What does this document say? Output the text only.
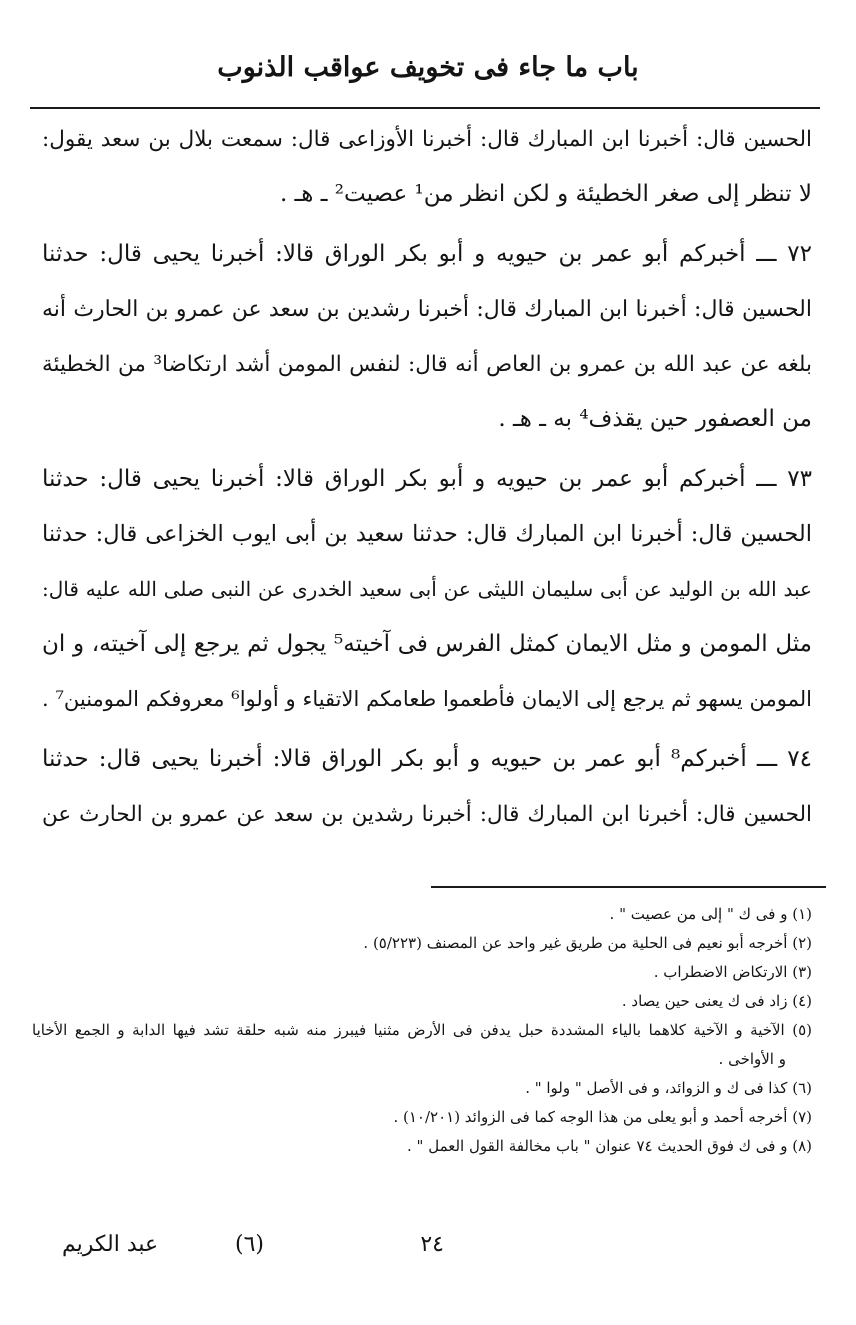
باب ما جاء فى تخويف عواقب الذنوب
الحسين قال: أخبرنا ابن المبارك قال: أخبرنا الأوزاعى قال: سمعت بلال بن سعد يقول:
لا تنظر إلى صغر الخطيئة و لكن انظر من¹ عصيت² ـ هـ .
٧٢ ـــ أخبركم أبو عمر بن حيويه و أبو بكر الوراق قالا: أخبرنا يحيى قال: حدثنا
الحسين قال: أخبرنا ابن المبارك قال: أخبرنا رشدين بن سعد عن عمرو بن الحارث أنه
بلغه عن عبد الله بن عمرو بن العاص أنه قال: لنفس المومن أشد ارتكاضا³ من الخطيئة
من العصفور حين يقذف⁴ به ـ هـ .
٧٣ ـــ أخبركم أبو عمر بن حيويه و أبو بكر الوراق قالا: أخبرنا يحيى قال: حدثنا
الحسين قال: أخبرنا ابن المبارك قال: حدثنا سعيد بن أبى ايوب الخزاعى قال: حدثنا
عبد الله بن الوليد عن أبى سليمان الليثى عن أبى سعيد الخدرى عن النبى صلى الله عليه قال:
مثل المومن و مثل الايمان كمثل الفرس فى آخيته⁵ يجول ثم يرجع إلى آخيته، و ان
المومن يسهو ثم يرجع إلى الايمان فأطعموا طعامكم الاتقياء و أولوا⁶ معروفكم المومنين⁷ .
٧٤ ـــ أخبركم⁸ أبو عمر بن حيويه و أبو بكر الوراق قالا: أخبرنا يحيى قال: حدثنا
الحسين قال: أخبرنا ابن المبارك قال: أخبرنا رشدين بن سعد عن عمرو بن الحارث عن
(١) و فى ك " إلى من عصيت " .
(٢) أخرجه أبو نعيم فى الحلية من طريق غير واحد عن المصنف (٥/٢٢٣) .
(٣) الارتكاض الاضطراب .
(٤) زاد فى ك يعنى حين يصاد .
(٥) الآخية و الآخية كلاهما بالياء المشددة حبل يدفن فى الأرض مثنيا فيبرز منه شبه حلقة تشد فيها الدابة و الجمع الأخايا
و الأواخى .
(٦) كذا فى ك و الزوائد، و فى الأصل " ولوا " .
(٧) أخرجه أحمد و أبو يعلى من هذا الوجه كما فى الزوائد (١٠/٢٠١) .
(٨) و فى ك فوق الحديث ٧٤ عنوان " باب مخالفة القول العمل " .
٢٤
(٦)
عبد الكريم
